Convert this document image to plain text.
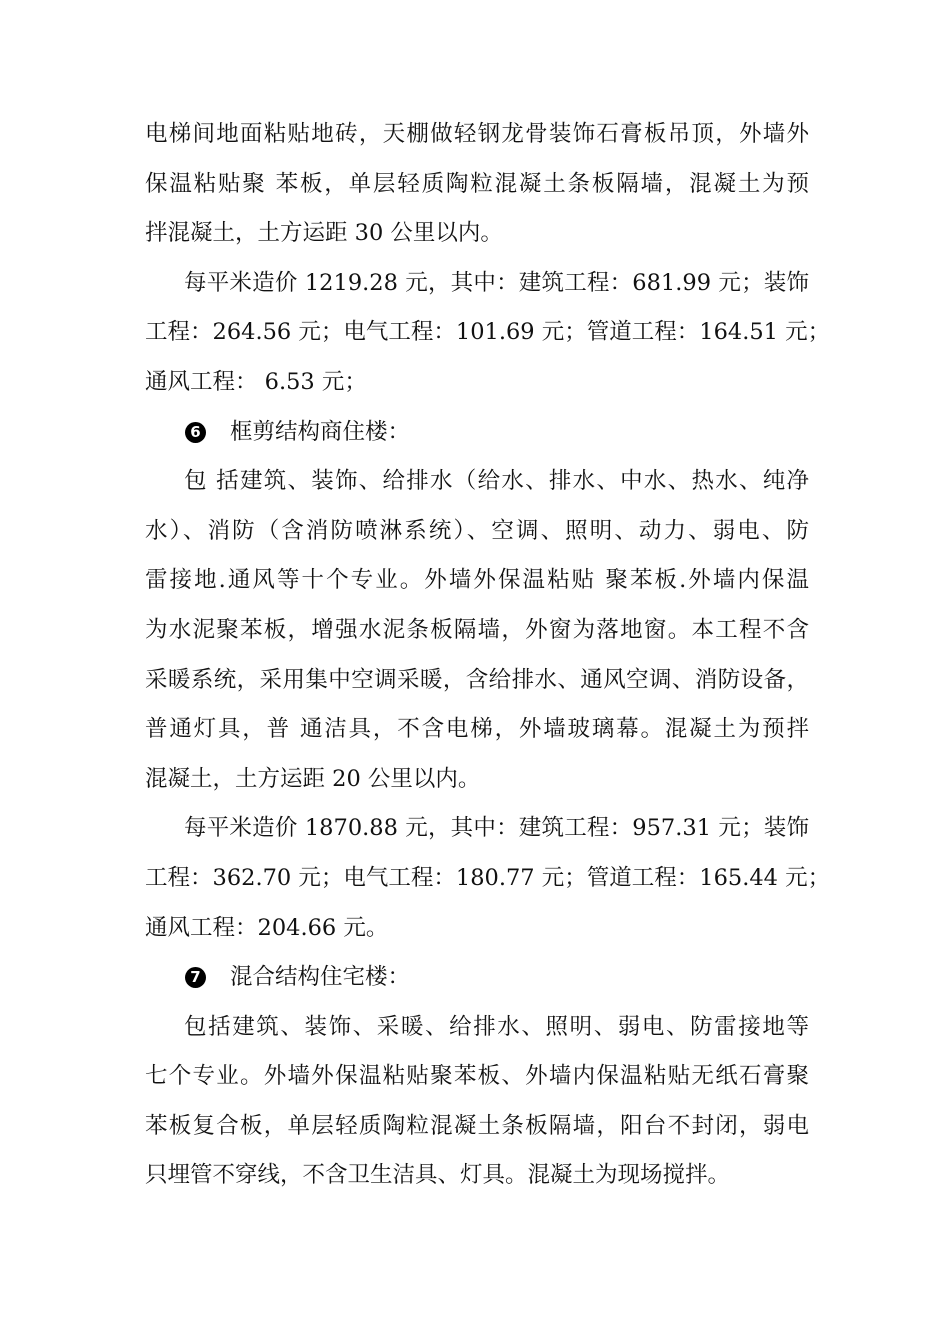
电梯间地面粘贴地砖，天棚做轻钢龙骨装饰石膏板吊顶，外墙外
保温粘贴聚 苯板，单层轻质陶粒混凝土条板隔墙，混凝土为预
拌混凝土，土方运距 30 公里以内。
每平米造价 1219.28 元，其中：建筑工程：681.99 元；装饰
工程：264.56 元；电气工程：101.69 元；管道工程：164.51 元；
通风工程： 6.53 元；
6 框剪结构商住楼：
包 括建筑、装饰、给排水（给水、排水、中水、热水、纯净
水）、消防（含消防喷淋系统）、空调、照明、动力、弱电、防
雷接地.通风等十个专业。外墙外保温粘贴 聚苯板.外墙内保温
为水泥聚苯板，增强水泥条板隔墙，外窗为落地窗。本工程不含
采暖系统，采用集中空调采暖，含给排水、通风空调、消防设备，
普通灯具，普 通洁具，不含电梯，外墙玻璃幕。混凝土为预拌
混凝土，土方运距 20 公里以内。
每平米造价 1870.88 元，其中：建筑工程：957.31 元；装饰
工程：362.70 元；电气工程：180.77 元；管道工程：165.44 元；
通风工程：204.66 元。
7 混合结构住宅楼：
包括建筑、装饰、采暖、给排水、照明、弱电、防雷接地等
七个专业。外墙外保温粘贴聚苯板、外墙内保温粘贴无纸石膏聚
苯板复合板，单层轻质陶粒混凝土条板隔墙，阳台不封闭，弱电
只埋管不穿线，不含卫生洁具、灯具。混凝土为现场搅拌。
